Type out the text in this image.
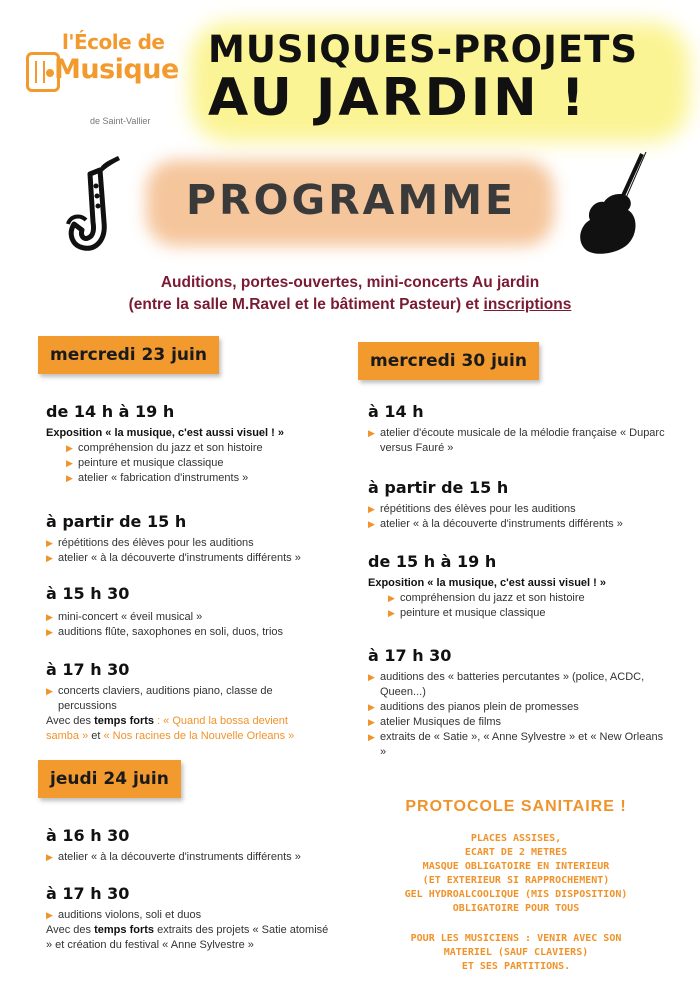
l'École de
Musique
de Saint-Vallier
MUSIQUES-PROJETS
AU JARDIN !
PROGRAMME
Auditions, portes-ouvertes, mini-concerts Au jardin
(entre la salle M.Ravel et le bâtiment Pasteur) et inscriptions
mercredi 23 juin
de 14 h à 19 h
Exposition « la musique, c'est aussi visuel ! »
▶ compréhension du jazz et son histoire
▶ peinture et musique classique
▶ atelier « fabrication d'instruments »
à partir de 15 h
▶ répétitions des élèves pour les auditions
▶ atelier « à la découverte d'instruments différents »
à 15 h 30
▶ mini-concert « éveil musical »
▶ auditions flûte, saxophones en soli, duos, trios
à 17 h 30
▶ concerts claviers, auditions piano, classe de percussions
Avec des temps forts : « Quand la bossa devient samba » et « Nos racines de la Nouvelle Orleans »
jeudi 24 juin
à 16 h 30
▶ atelier « à la découverte d'instruments différents »
à 17 h 30
▶ auditions violons, soli et duos
Avec des temps forts extraits des projets « Satie atomisé » et création du festival « Anne Sylvestre »
mercredi 30 juin
à 14 h
▶ atelier d'écoute musicale de la mélodie française « Duparc versus Fauré »
à partir de 15 h
▶ répétitions des élèves pour les auditions
▶ atelier « à la découverte d'instruments différents »
de 15 h à 19 h
Exposition « la musique, c'est aussi visuel ! »
▶ compréhension du jazz et son histoire
▶ peinture et musique classique
à 17 h 30
▶ auditions des « batteries percutantes » (police, ACDC, Queen...)
▶ auditions des pianos plein de promesses
▶ atelier Musiques de films
▶ extraits de « Satie », « Anne Sylvestre » et « New Orleans »
PROTOCOLE SANITAIRE !
PLACES ASSISES,
ECART DE 2 METRES
MASQUE OBLIGATOIRE EN INTERIEUR
(ET EXTERIEUR SI RAPPROCHEMENT)
GEL HYDROALCOOLIQUE (MIS DISPOSITION)
OBLIGATOIRE POUR TOUS
POUR LES MUSICIENS : VENIR AVEC SON
MATERIEL (SAUF CLAVIERS)
ET SES PARTITIONS.
